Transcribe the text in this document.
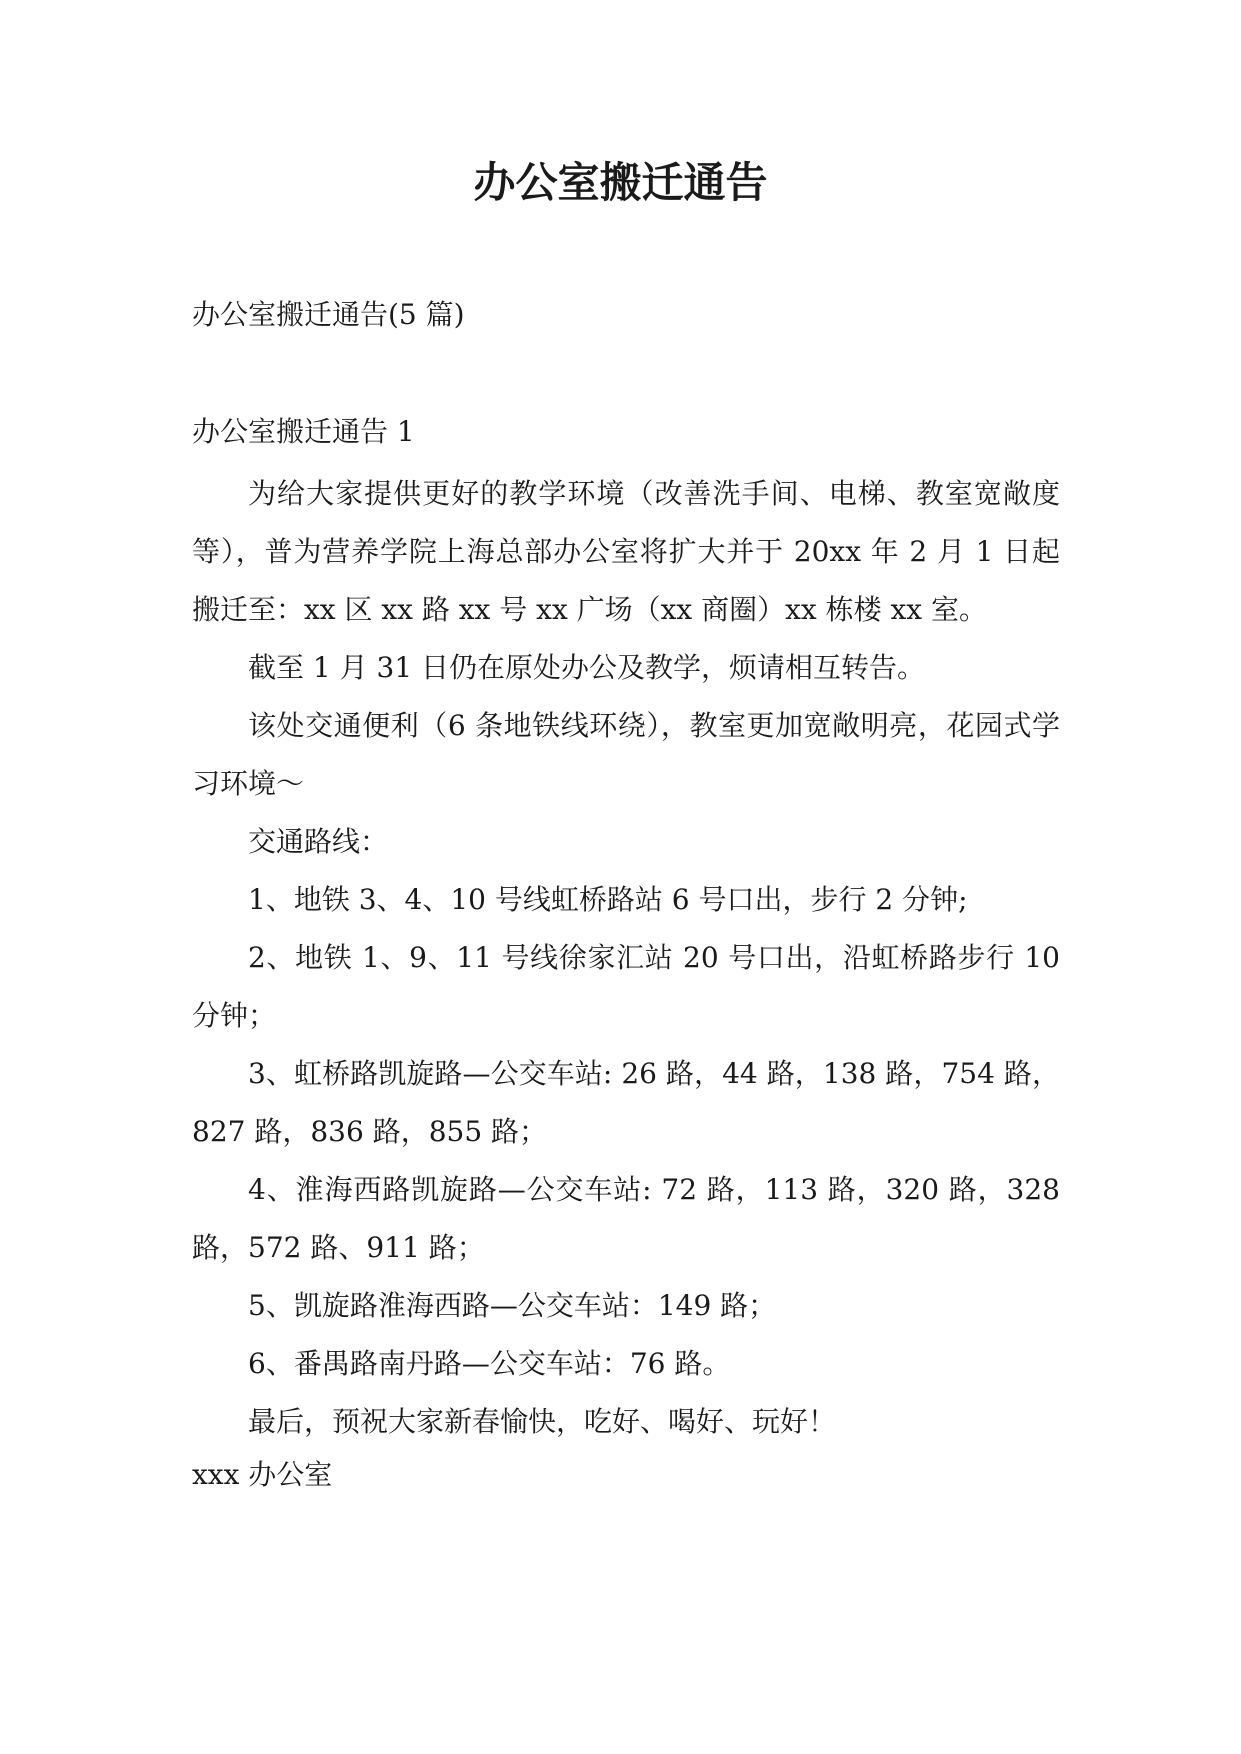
办公室搬迁通告
办公室搬迁通告(5 篇)
办公室搬迁通告 1

为给大家提供更好的教学环境（改善洗手间、电梯、教室宽敞度等），普为营养学院上海总部办公室将扩大并于 20xx 年 2 月 1 日起搬迁至：xx 区 xx 路 xx 号 xx 广场（xx 商圈）xx 栋楼 xx 室。

截至 1 月 31 日仍在原处办公及教学，烦请相互转告。

该处交通便利（6 条地铁线环绕），教室更加宽敞明亮，花园式学习环境～

交通路线：

1、地铁 3、4、10 号线虹桥路站 6 号口出，步行 2 分钟;

2、地铁 1、9、11 号线徐家汇站 20 号口出，沿虹桥路步行 10 分钟；

3、虹桥路凯旋路—公交车站: 26 路，44 路，138 路，754 路，827 路，836 路，855 路；

4、淮海西路凯旋路—公交车站: 72 路，113 路，320 路，328 路，572 路、911 路；

5、凯旋路淮海西路—公交车站：149 路；

6、番禺路南丹路—公交车站：76 路。

最后，预祝大家新春愉快，吃好、喝好、玩好！

xxx 办公室
